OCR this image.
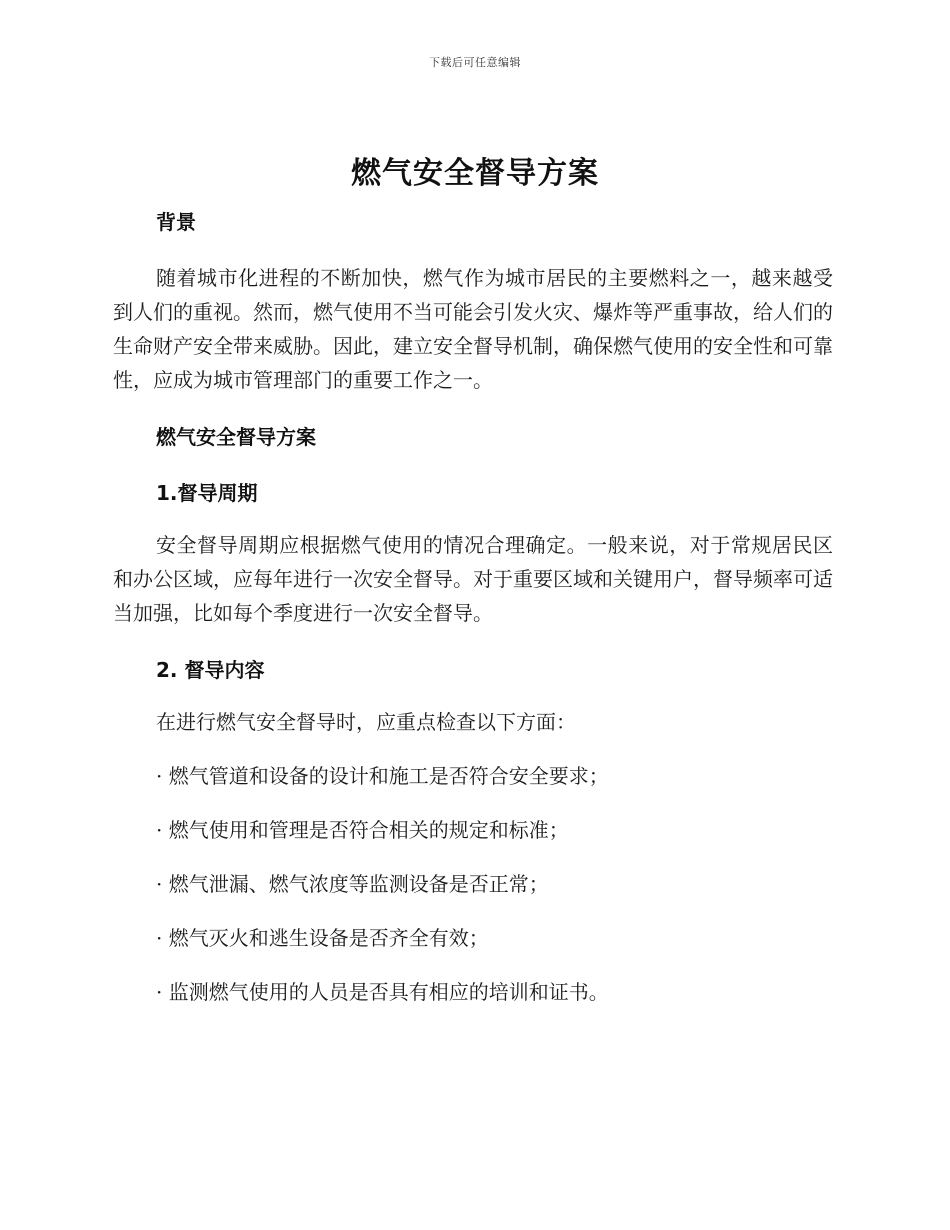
下载后可任意编辑
燃气安全督导方案
背景

随着城市化进程的不断加快，燃气作为城市居民的主要燃料之一，越来越受到人们的重视。然而，燃气使用不当可能会引发火灾、爆炸等严重事故，给人们的生命财产安全带来威胁。因此，建立安全督导机制，确保燃气使用的安全性和可靠性，应成为城市管理部门的重要工作之一。

燃气安全督导方案
1.督导周期

安全督导周期应根据燃气使用的情况合理确定。一般来说，对于常规居民区和办公区域，应每年进行一次安全督导。对于重要区域和关键用户，督导频率可适当加强，比如每个季度进行一次安全督导。

2. 督导内容

在进行燃气安全督导时，应重点检查以下方面：

· 燃气管道和设备的设计和施工是否符合安全要求；

· 燃气使用和管理是否符合相关的规定和标准；

· 燃气泄漏、燃气浓度等监测设备是否正常；

· 燃气灭火和逃生设备是否齐全有效；

· 监测燃气使用的人员是否具有相应的培训和证书。
